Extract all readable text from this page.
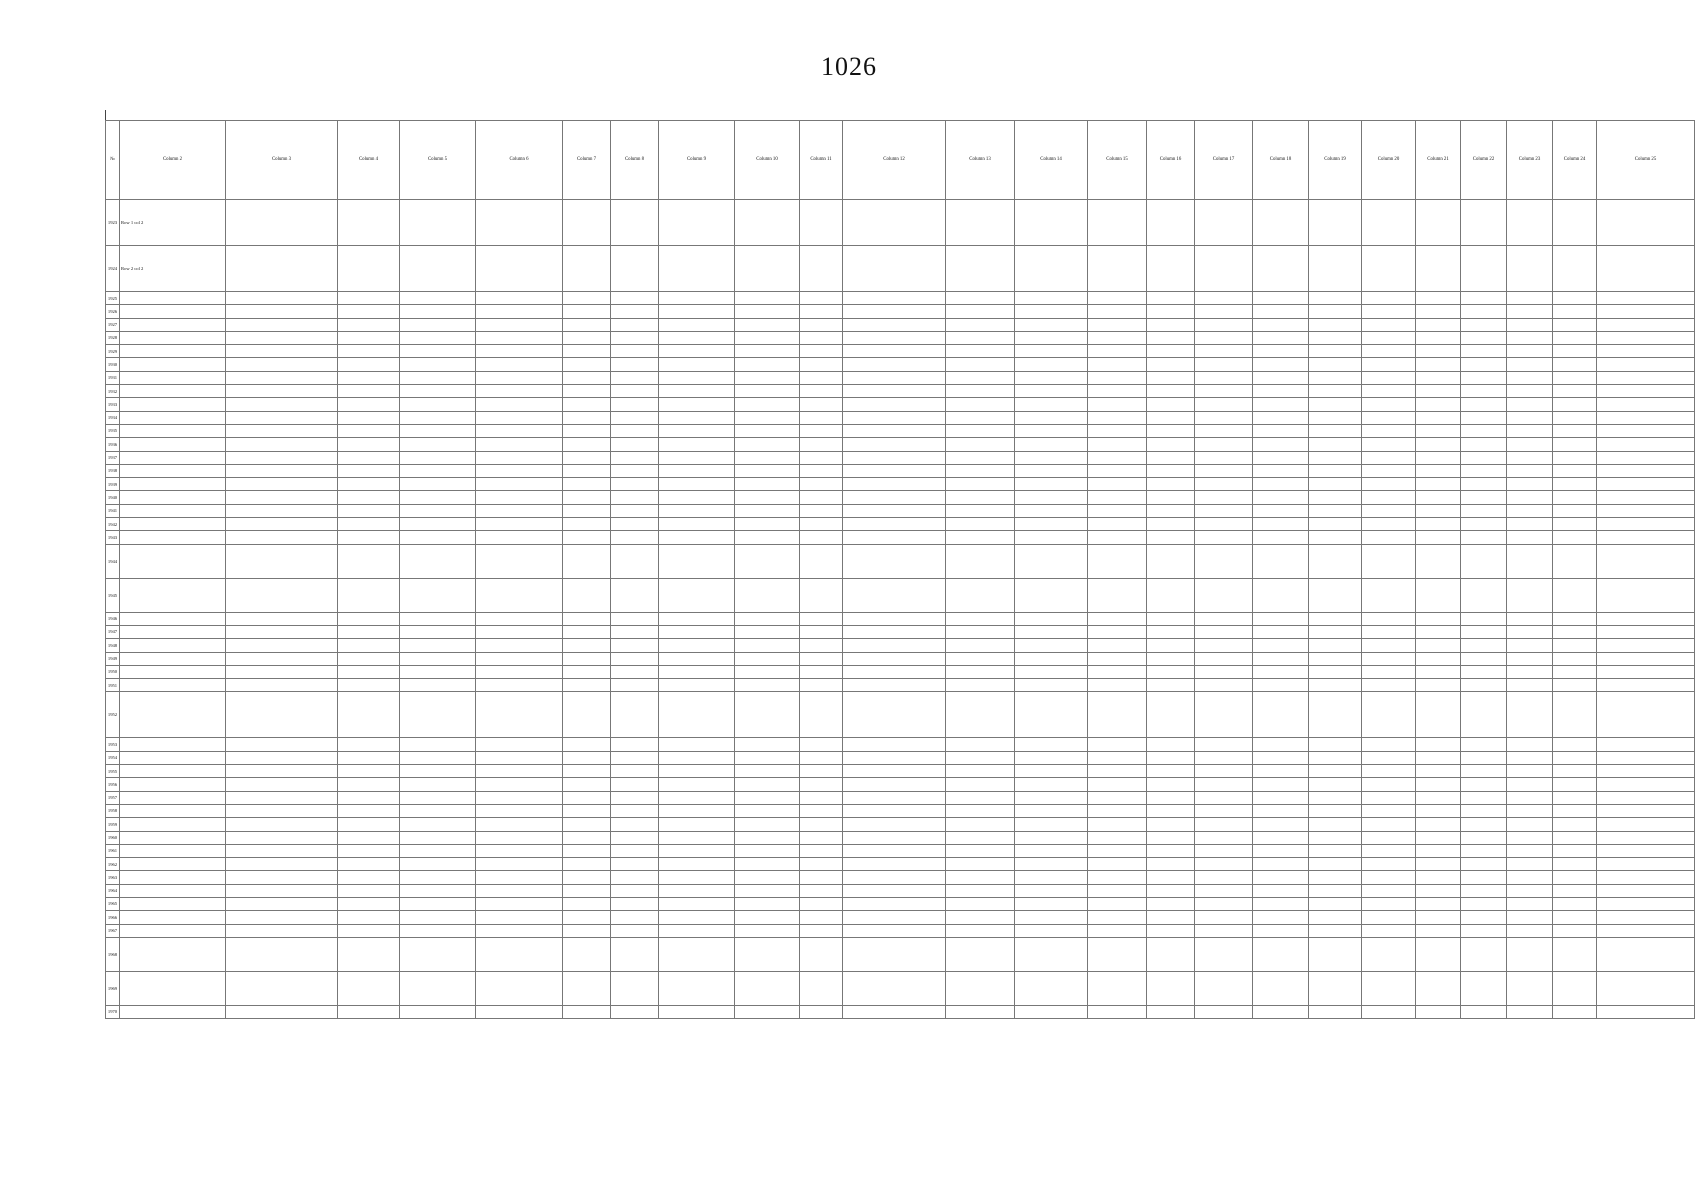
1026
№	Column 2	Column 3	Column 4	Column 5	Column 6	Column 7	Column 8	Column 9	Column 10	Column 11	Column 12	Column 13	Column 14	Column 15	Column 16	Column 17	Column 18	Column 19	Column 20	Column 21	Column 22	Column 23	Column 24	Column 25
1923	Row 1 col 2																							
1924	Row 2 col 2																							
1925																								
1926																								
1927																								
1928																								
1929																								
1930																								
1931																								
1932																								
1933																								
1934																								
1935																								
1936																								
1937																								
1938																								
1939																								
1940																								
1941																								
1942																								
1943																								
1944																								
1945																								
1946																								
1947																								
1948																								
1949																								
1950																								
1951																								
1952																								
1953																								
1954																								
1955																								
1956																								
1957																								
1958																								
1959																								
1960																								
1961																								
1962																								
1963																								
1964																								
1965																								
1966																								
1967																								
1968																								
1969																								
1970																								
